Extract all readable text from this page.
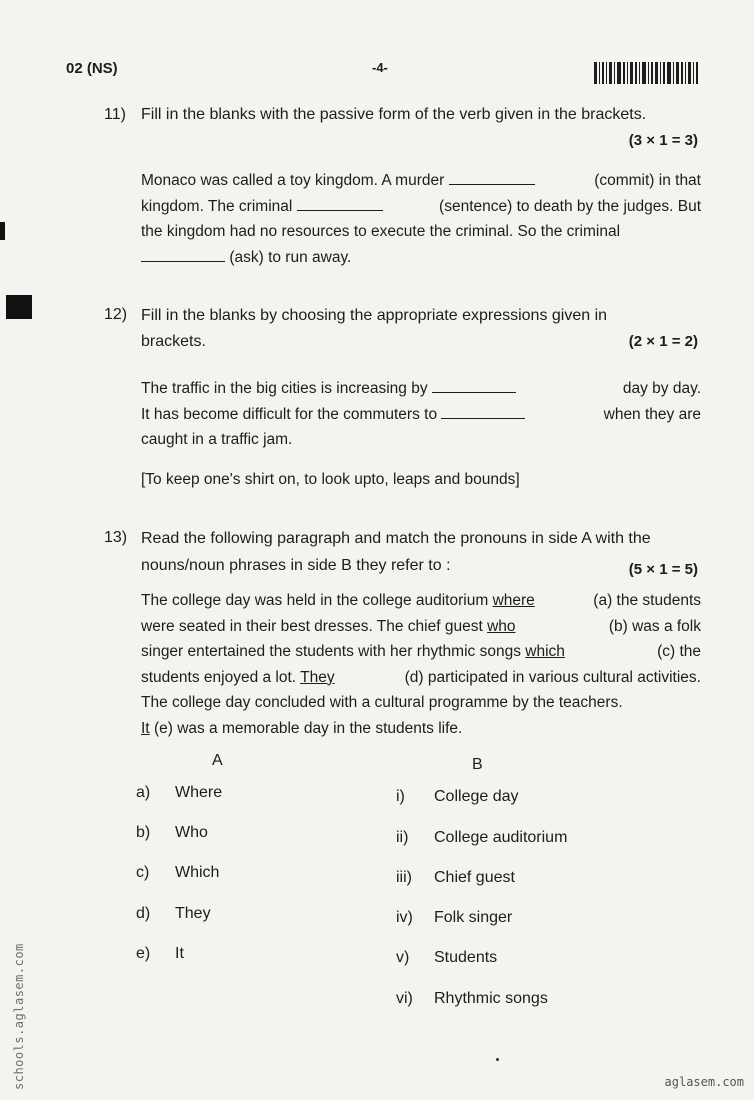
02 (NS)	-4-
11) Fill in the blanks with the passive form of the verb given in the brackets.
(3 × 1 = 3)
Monaco was called a toy kingdom. A murder	(commit) in that
kingdom. The criminal	(sentence) to death by the judges. But
the kingdom had no resources to execute the criminal. So the criminal
(ask) to run away.
12) Fill in the blanks by choosing the appropriate expressions given in
brackets.	(2 × 1 = 2)
The traffic in the big cities is increasing by	day by day.
It has become difficult for the commuters to	when they are
caught in a traffic jam.
[To keep one's shirt on, to look upto, leaps and bounds]
13) Read the following paragraph and match the pronouns in side A with the
nouns/noun phrases in side B they refer to :	(5 × 1 = 5)
The college day was held in the college auditorium where	(a) the students
were seated in their best dresses. The chief guest who	(b) was a folk
singer entertained the students with her rhythmic songs which	(c) the
students enjoyed a lot. They	(d) participated in various cultural activities.
The college day concluded with a cultural programme by the teachers.
It (e) was a memorable day in the students life.
A	B
a) Where
b) Who
c) Which
d) They
e) It
i) College day
ii) College auditorium
iii) Chief guest
iv) Folk singer
v) Students
vi) Rhythmic songs
schools.aglasem.com	aglasem.com
